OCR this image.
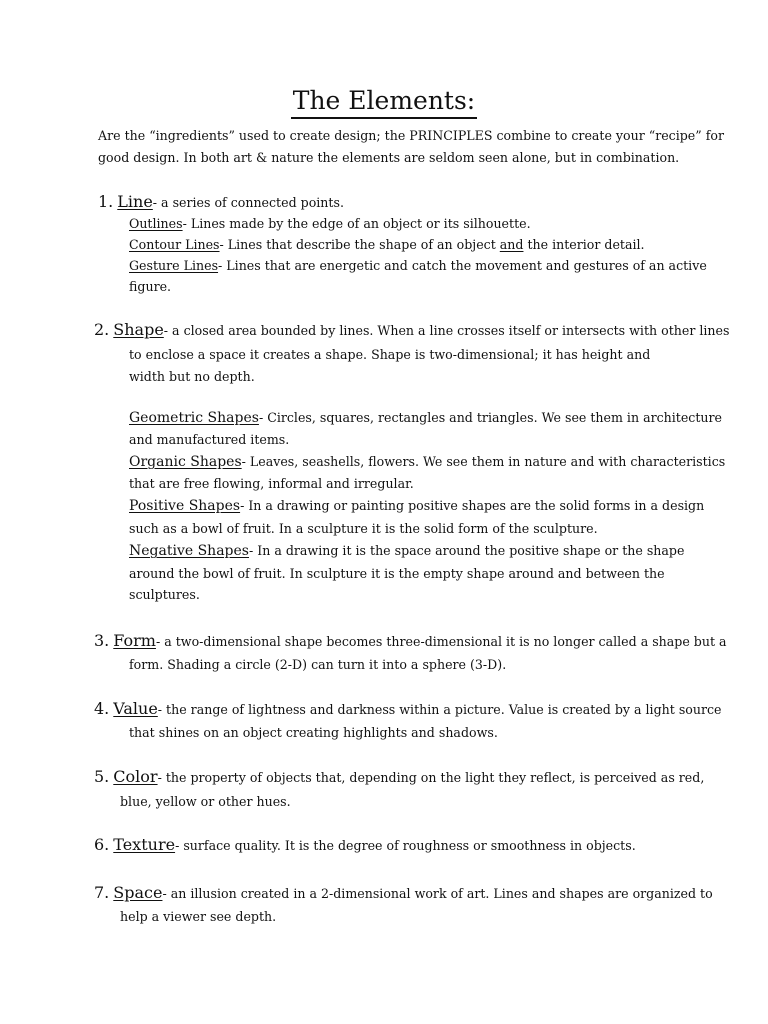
The Elements:
Are the “ingredients” used to create design; the PRINCIPLES combine to create your “recipe” for
good design. In both art & nature the elements are seldom seen alone, but in combination.
1. Line- a series of connected points.
Outlines- Lines made by the edge of an object or its silhouette.
Contour Lines- Lines that describe the shape of an object and the interior detail.
Gesture Lines- Lines that are energetic and catch the movement and gestures of an active
figure.
2. Shape- a closed area bounded by lines. When a line crosses itself or intersects with other lines
to enclose a space it creates a shape. Shape is two-dimensional; it has height and
width but no depth.
Geometric Shapes- Circles, squares, rectangles and triangles. We see them in architecture
and manufactured items.
Organic Shapes- Leaves, seashells, flowers. We see them in nature and with characteristics
that are free flowing, informal and irregular.
Positive Shapes- In a drawing or painting positive shapes are the solid forms in a design
such as a bowl of fruit. In a sculpture it is the solid form of the sculpture.
Negative Shapes- In a drawing it is the space around the positive shape or the shape
around the bowl of fruit. In sculpture it is the empty shape around and between the
sculptures.
3. Form- a two-dimensional shape becomes three-dimensional it is no longer called a shape but a
form. Shading a circle (2-D) can turn it into a sphere (3-D).
4. Value- the range of lightness and darkness within a picture. Value is created by a light source
that shines on an object creating highlights and shadows.
5. Color- the property of objects that, depending on the light they reflect, is perceived as red,
blue, yellow or other hues.
6. Texture- surface quality. It is the degree of roughness or smoothness in objects.
7. Space- an illusion created in a 2-dimensional work of art. Lines and shapes are organized to
help a viewer see depth.
